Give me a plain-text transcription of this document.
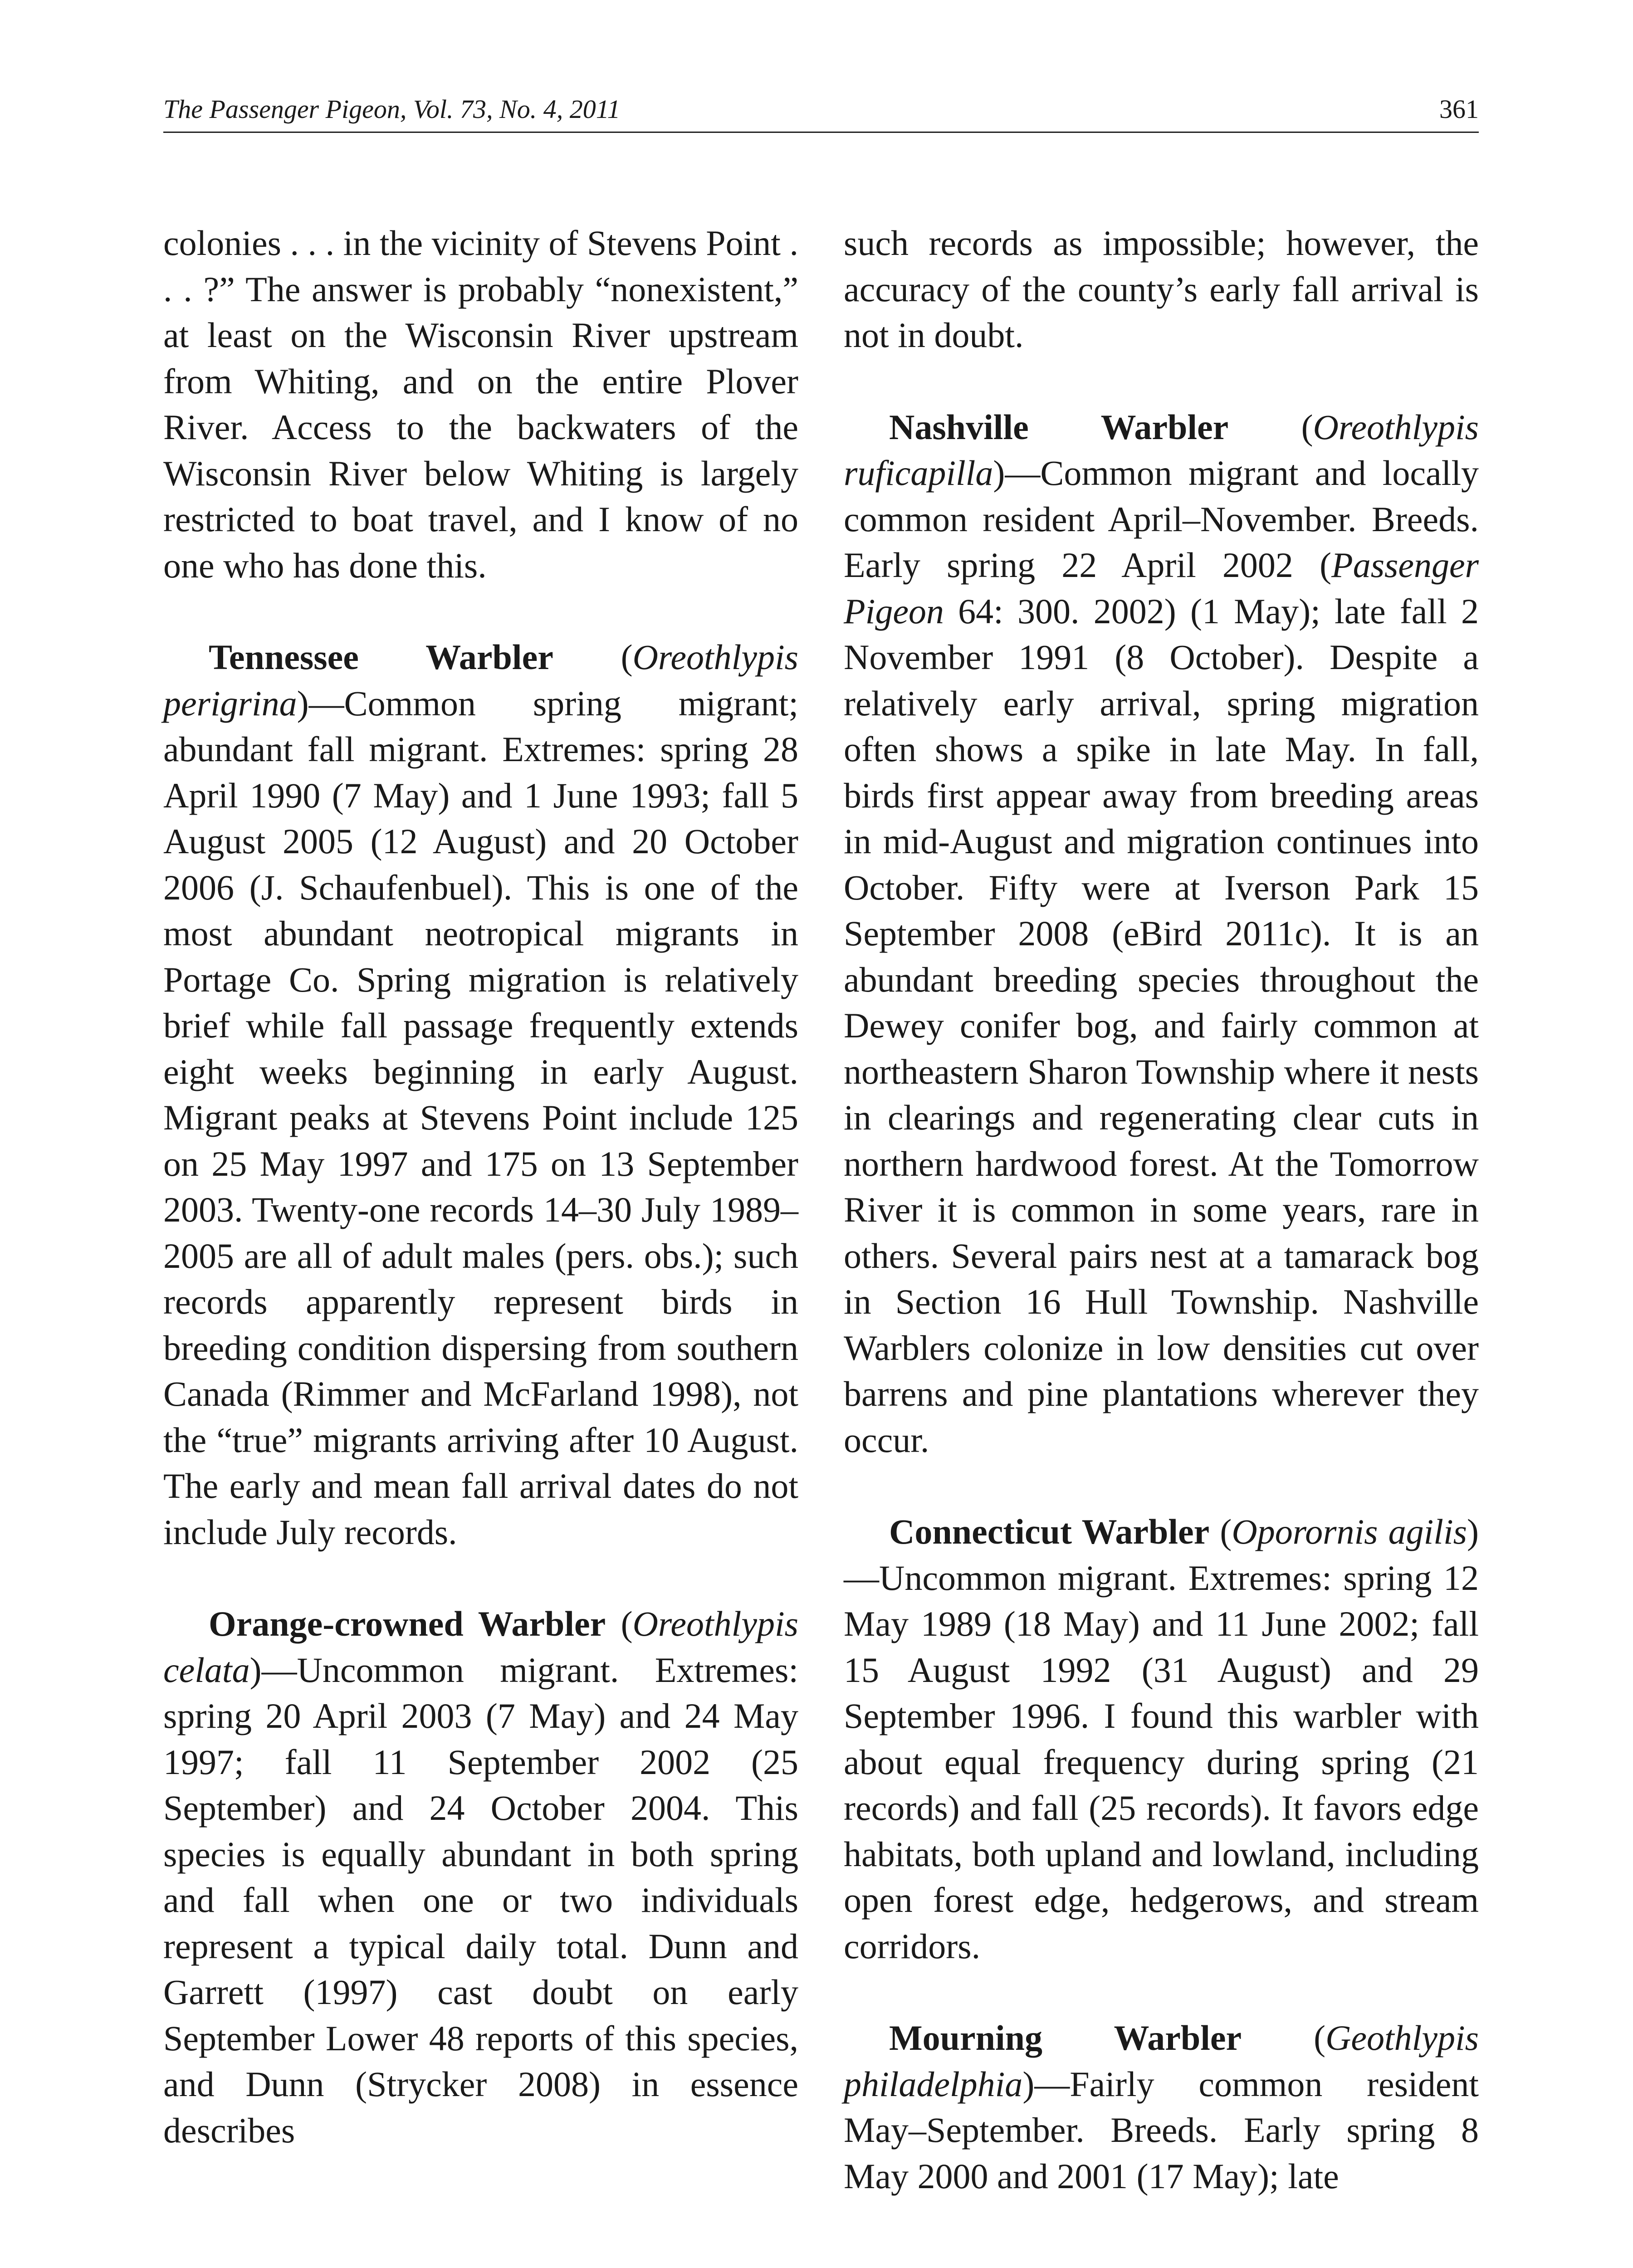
The Passenger Pigeon, Vol. 73, No. 4, 2011	361

colonies . . . in the vicinity of Stevens Point . . . ?” The answer is probably “nonexistent,” at least on the Wisconsin River upstream from Whiting, and on the entire Plover River. Access to the backwaters of the Wisconsin River below Whiting is largely restricted to boat travel, and I know of no one who has done this.

Tennessee Warbler (Oreothlypis perigrina)—Common spring migrant; abundant fall migrant. Extremes: spring 28 April 1990 (7 May) and 1 June 1993; fall 5 August 2005 (12 August) and 20 October 2006 (J. Schaufenbuel). This is one of the most abundant neotropical migrants in Portage Co. Spring migration is relatively brief while fall passage frequently extends eight weeks beginning in early August. Migrant peaks at Stevens Point include 125 on 25 May 1997 and 175 on 13 September 2003. Twenty-one records 14–30 July 1989–2005 are all of adult males (pers. obs.); such records apparently represent birds in breeding condition dispersing from southern Canada (Rimmer and McFarland 1998), not the “true” migrants arriving after 10 August. The early and mean fall arrival dates do not include July records.

Orange-crowned Warbler (Oreothlypis celata)—Uncommon migrant. Extremes: spring 20 April 2003 (7 May) and 24 May 1997; fall 11 September 2002 (25 September) and 24 October 2004. This species is equally abundant in both spring and fall when one or two individuals represent a typical daily total. Dunn and Garrett (1997) cast doubt on early September Lower 48 reports of this species, and Dunn (Strycker 2008) in essence describes

such records as impossible; however, the accuracy of the county’s early fall arrival is not in doubt.

Nashville Warbler (Oreothlypis ruficapilla)—Common migrant and locally common resident April–November. Breeds. Early spring 22 April 2002 (Passenger Pigeon 64: 300. 2002) (1 May); late fall 2 November 1991 (8 October). Despite a relatively early arrival, spring migration often shows a spike in late May. In fall, birds first appear away from breeding areas in mid-August and migration continues into October. Fifty were at Iverson Park 15 September 2008 (eBird 2011c). It is an abundant breeding species throughout the Dewey conifer bog, and fairly common at northeastern Sharon Township where it nests in clearings and regenerating clear cuts in northern hardwood forest. At the Tomorrow River it is common in some years, rare in others. Several pairs nest at a tamarack bog in Section 16 Hull Township. Nashville Warblers colonize in low densities cut over barrens and pine plantations wherever they occur.

Connecticut Warbler (Oporornis agilis)—Uncommon migrant. Extremes: spring 12 May 1989 (18 May) and 11 June 2002; fall 15 August 1992 (31 August) and 29 September 1996. I found this warbler with about equal frequency during spring (21 records) and fall (25 records). It favors edge habitats, both upland and lowland, including open forest edge, hedgerows, and stream corridors.

Mourning Warbler (Geothlypis philadelphia)—Fairly common resident May–September. Breeds. Early spring 8 May 2000 and 2001 (17 May); late
